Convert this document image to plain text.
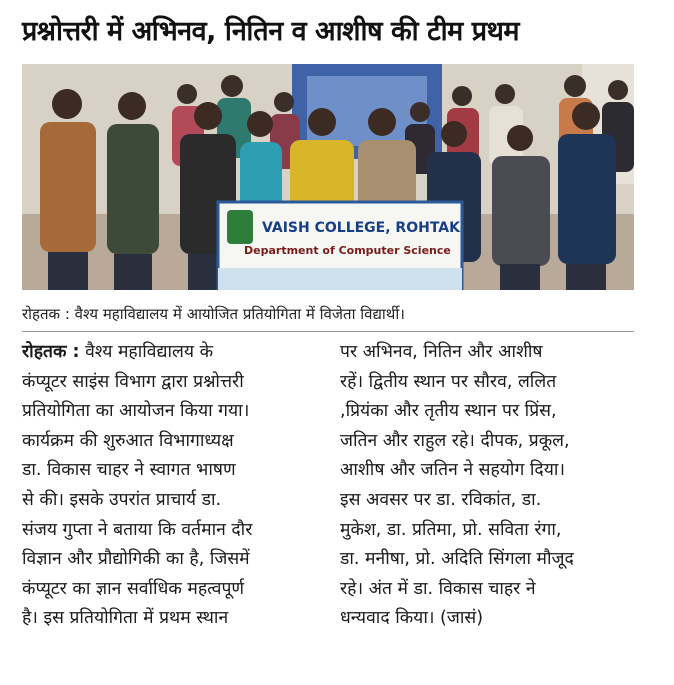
प्रश्नोत्तरी में अभिनव, नितिन व आशीष की टीम प्रथम
VAISH COLLEGE, ROHTAK
Department of Computer Science
रोहतक : वैश्य महाविद्यालय में आयोजित प्रतियोगिता में विजेता विद्यार्थी।
रोहतक : वैश्य महाविद्यालय के
कंप्यूटर साइंस विभाग द्वारा प्रश्नोत्तरी
प्रतियोगिता का आयोजन किया गया।
कार्यक्रम की शुरुआत विभागाध्यक्ष
डा. विकास चाहर ने स्वागत भाषण
से की। इसके उपरांत प्राचार्य डा.
संजय गुप्ता ने बताया कि वर्तमान दौर
विज्ञान और प्रौद्योगिकी का है, जिसमें
कंप्यूटर का ज्ञान सर्वाधिक महत्वपूर्ण
है। इस प्रतियोगिता में प्रथम स्थान
पर अभिनव, नितिन और आशीष
रहें। द्वितीय स्थान पर सौरव, ललित
,प्रियंका और तृतीय स्थान पर प्रिंस,
जतिन और राहुल रहे। दीपक, प्रकूल,
आशीष और जतिन ने सहयोग दिया।
इस अवसर पर डा. रविकांत, डा.
मुकेश, डा. प्रतिमा, प्रो. सविता रंगा,
डा. मनीषा, प्रो. अदिति सिंगला मौजूद
रहे। अंत में डा. विकास चाहर ने
धन्यवाद किया। (जासं)
